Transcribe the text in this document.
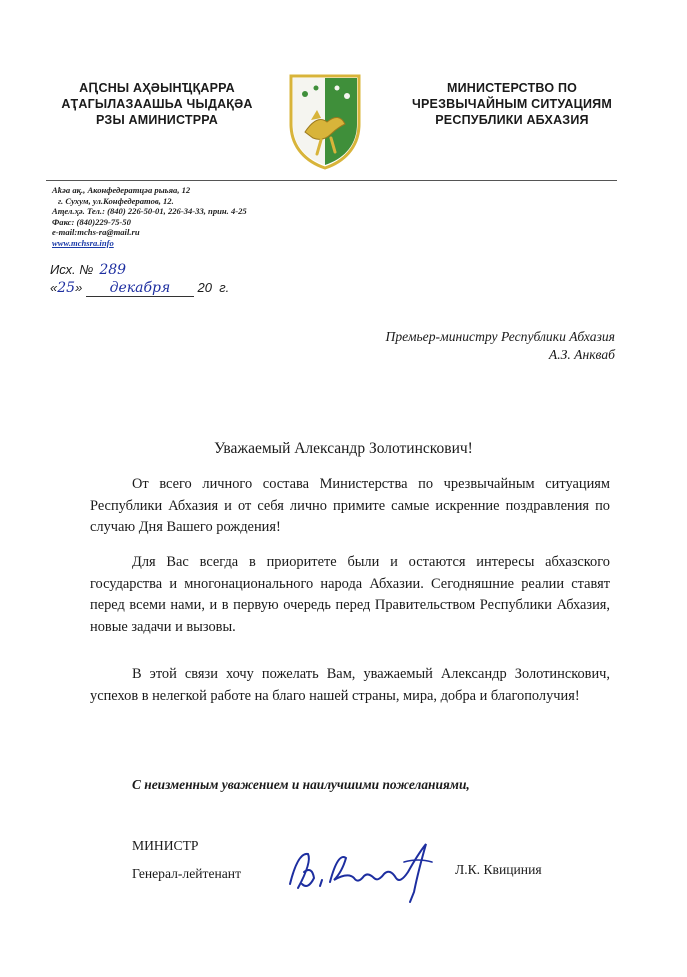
АԤСНЫ АҲӘЫНҴҚАРРА
АҬАГЫЛАЗААШЬА ЧЫДАҚӘА
РЗЫ АМИНИСТРРА
МИНИСТЕРСТВО ПО
ЧРЕЗВЫЧАЙНЫМ СИТУАЦИЯМ
РЕСПУБЛИКИ АБХАЗИЯ
Аҟәа ақ., Аконфедератцәа рыьяа, 12
г. Сухум, ул.Конфедератов, 12.
Аҭел.ҳә. Тел.: (840) 226-50-01, 226-34-33, прин. 4-25
Факс: (840)229-75-50
e-mail:mchs-ra@mail.ru
www.mchsra.info
Исх. № 289
«25» декабря 20 г.
Премьер-министру Республики Абхазия
А.З. Анкваб
Уважаемый Александр Золотинскович!
От всего личного состава Министерства по чрезвычайным ситуациям Республики Абхазия и от себя лично примите самые искренние поздравления по случаю Дня Вашего рождения!
Для Вас всегда в приоритете были и остаются интересы абхазского государства и многонационального народа Абхазии. Сегодняшние реалии ставят перед всеми нами, и в первую очередь перед Правительством Республики Абхазия, новые задачи и вызовы.
В этой связи хочу пожелать Вам, уважаемый Александр Золотинскович, успехов в нелегкой работе на благо нашей страны, мира, добра и благополучия!
С неизменным уважением и наилучшими пожеланиями,
МИНИСТР
Генерал-лейтенант	Л.К. Квициния
